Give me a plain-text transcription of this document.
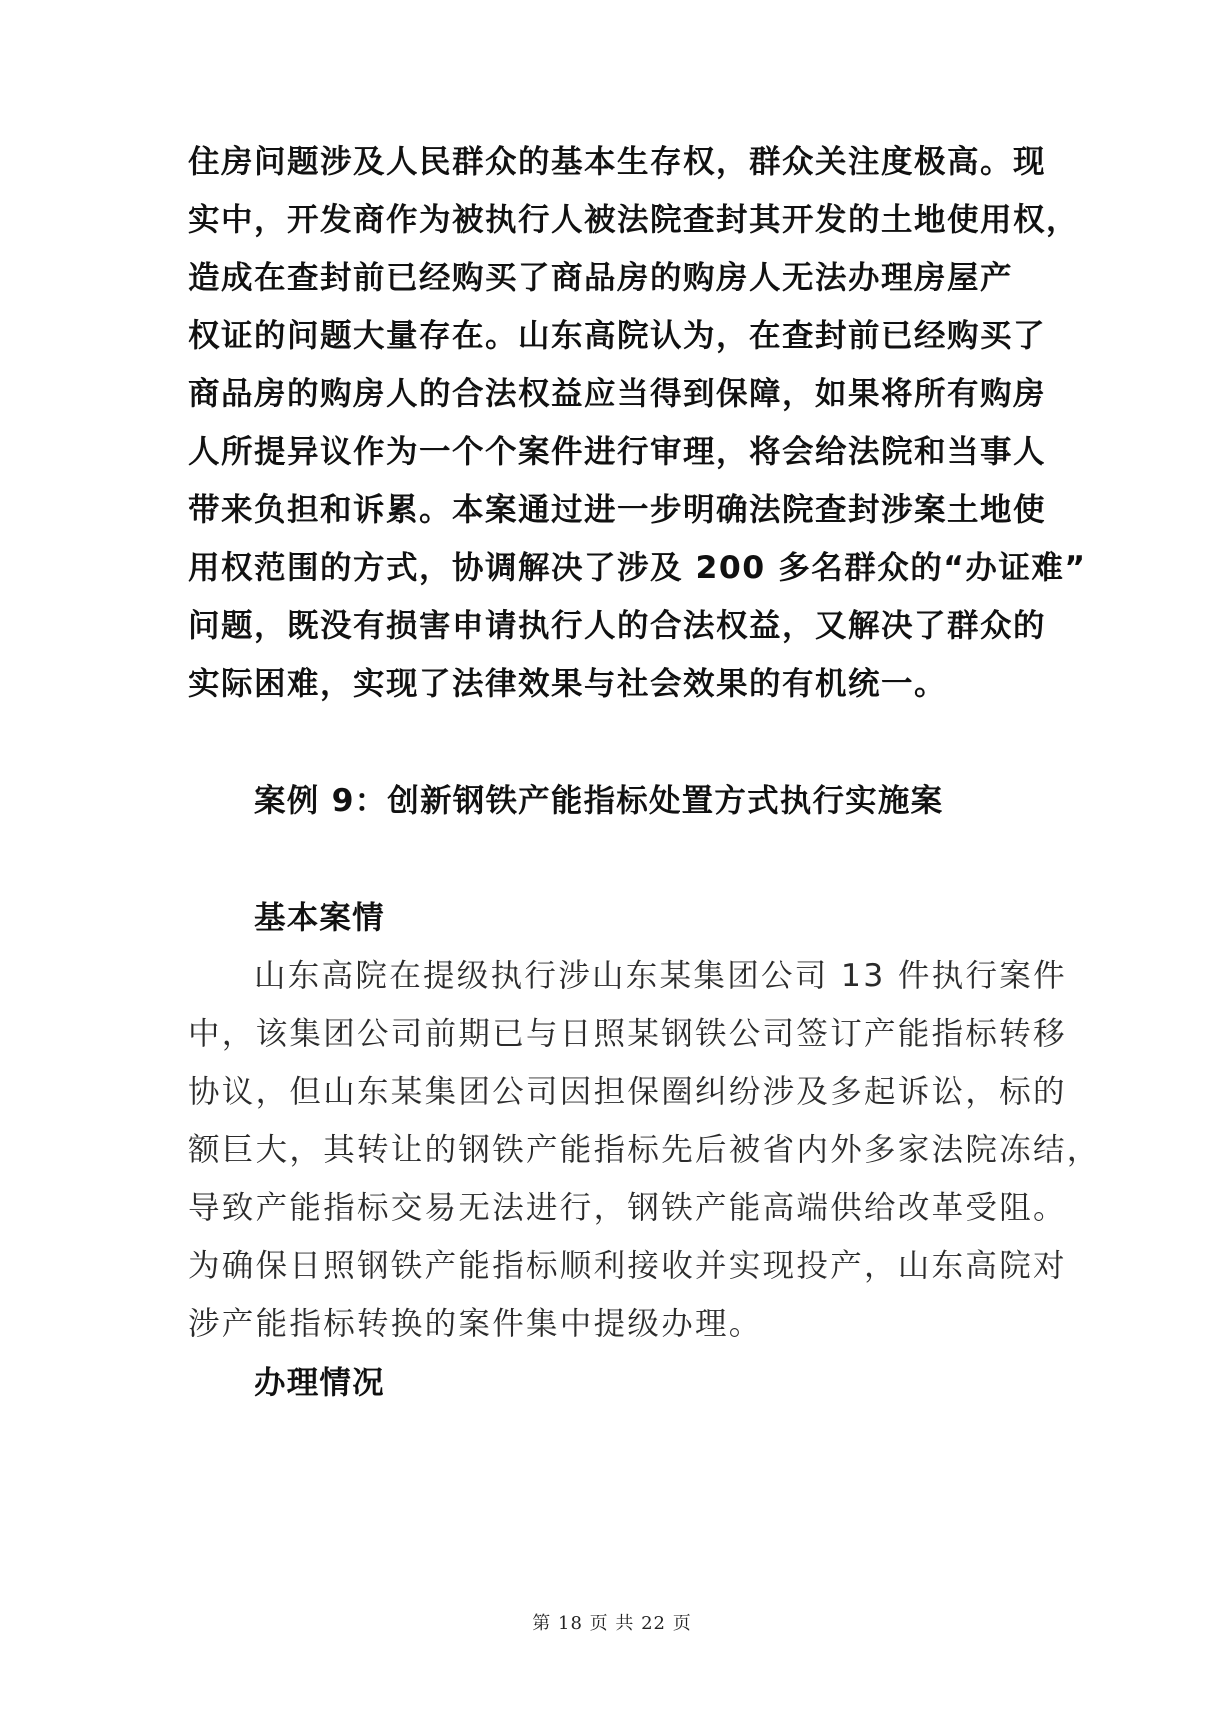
住房问题涉及人民群众的基本生存权，群众关注度极高。现
实中，开发商作为被执行人被法院查封其开发的土地使用权，
造成在查封前已经购买了商品房的购房人无法办理房屋产
权证的问题大量存在。山东高院认为，在查封前已经购买了
商品房的购房人的合法权益应当得到保障，如果将所有购房
人所提异议作为一个个案件进行审理，将会给法院和当事人
带来负担和诉累。本案通过进一步明确法院查封涉案土地使
用权范围的方式，协调解决了涉及 200 多名群众的“办证难”
问题，既没有损害申请执行人的合法权益，又解决了群众的
实际困难，实现了法律效果与社会效果的有机统一。
案例 9：创新钢铁产能指标处置方式执行实施案
基本案情
山东高院在提级执行涉山东某集团公司 13 件执行案件
中，该集团公司前期已与日照某钢铁公司签订产能指标转移
协议，但山东某集团公司因担保圈纠纷涉及多起诉讼，标的
额巨大，其转让的钢铁产能指标先后被省内外多家法院冻结，
导致产能指标交易无法进行，钢铁产能高端供给改革受阻。
为确保日照钢铁产能指标顺利接收并实现投产，山东高院对
涉产能指标转换的案件集中提级办理。
办理情况
第 18 页 共 22 页
